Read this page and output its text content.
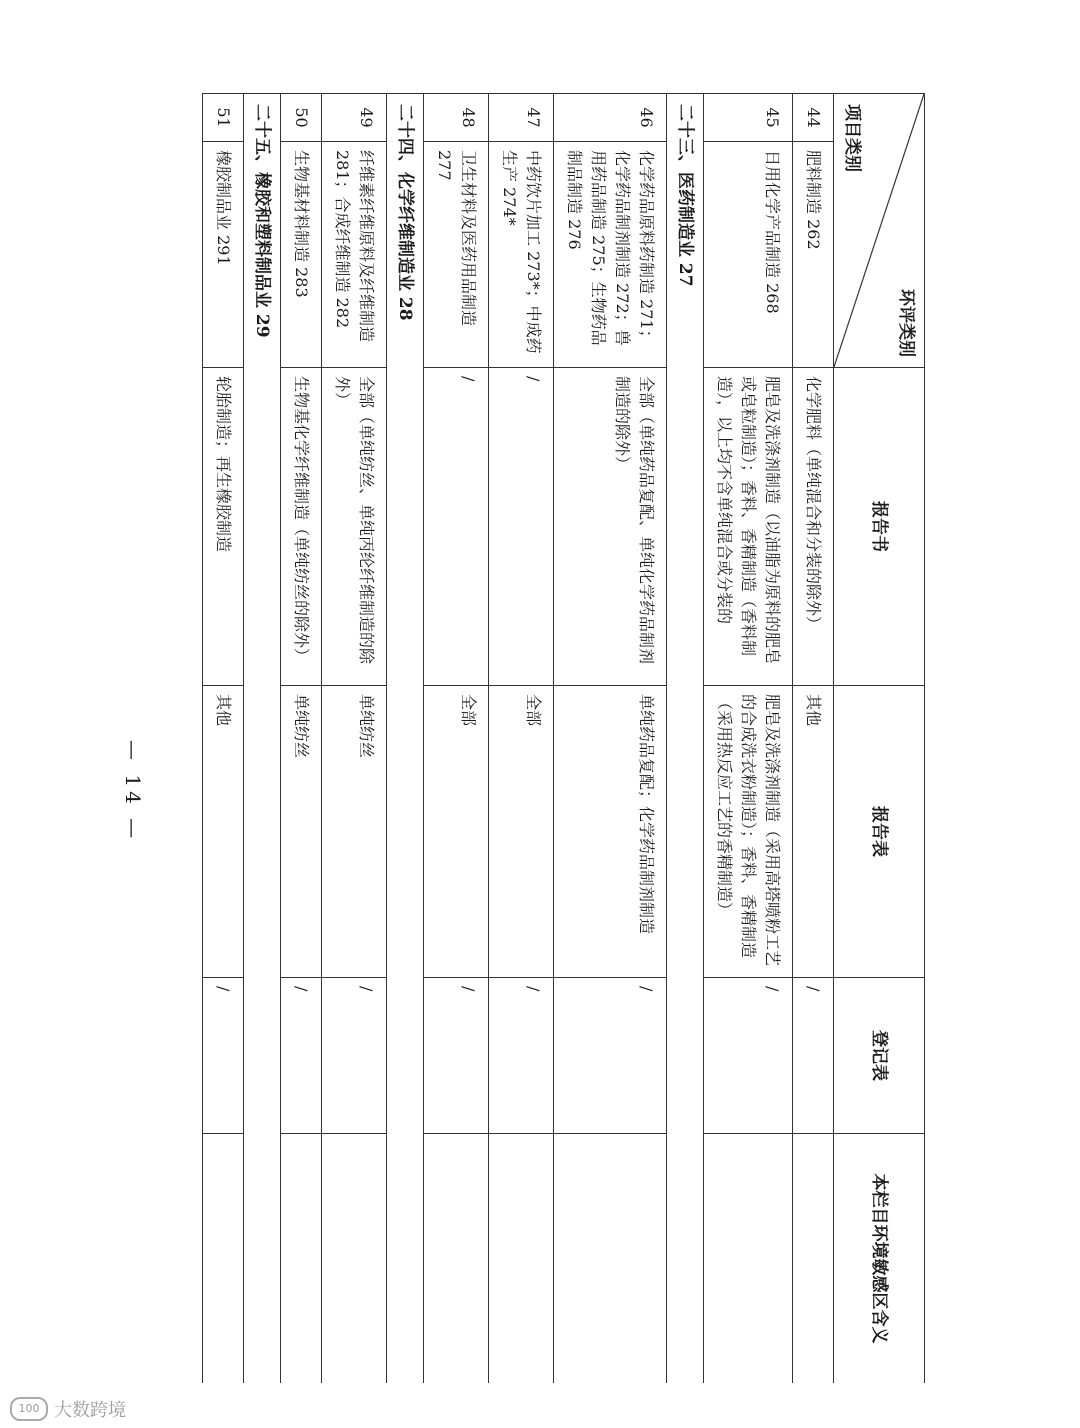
环评类别
项目类别		报告书	报告表	登记表	本栏目环境敏感区含义
44	肥料制造 262	化学肥料（单纯混合和分装的除外）	其他	/	
45	日用化学产品制造 268	肥皂及洗涤剂制造（以油脂为原料的肥皂或皂粒制造）；香料、香精制造（香料制造），以上均不含单纯混合或分装的	肥皂及洗涤剂制造（采用高塔喷粉工艺的合成洗衣粉制造）；香料、香精制造（采用热反应工艺的香精制造）	/	
二十三、医药制造业 27					
46	化学药品原料药制造 271；化学药品制剂制造 272；兽用药品制造 275；生物药品制品制造 276	全部（单纯药品复配、单纯化学药品制剂制造的除外）	单纯药品复配；化学药品制剂制造	/	
47	中药饮片加工 273*；中成药生产 274*	/	全部	/	
48	卫生材料及医药用品制造 277	/	全部	/	
二十四、化学纤维制造业 28					
49	纤维素纤维原料及纤维制造 281；合成纤维制造 282	全部（单纯纺丝、单纯丙纶纤维制造的除外）	单纯纺丝	/	
50	生物基材料制造 283	生物基化学纤维制造（单纯纺丝的除外）	单纯纺丝	/	
二十五、橡胶和塑料制品业 29					
51	橡胶制品业 291	轮胎制造；再生橡胶制造	其他	/	
— 14 —
100 大数跨境
